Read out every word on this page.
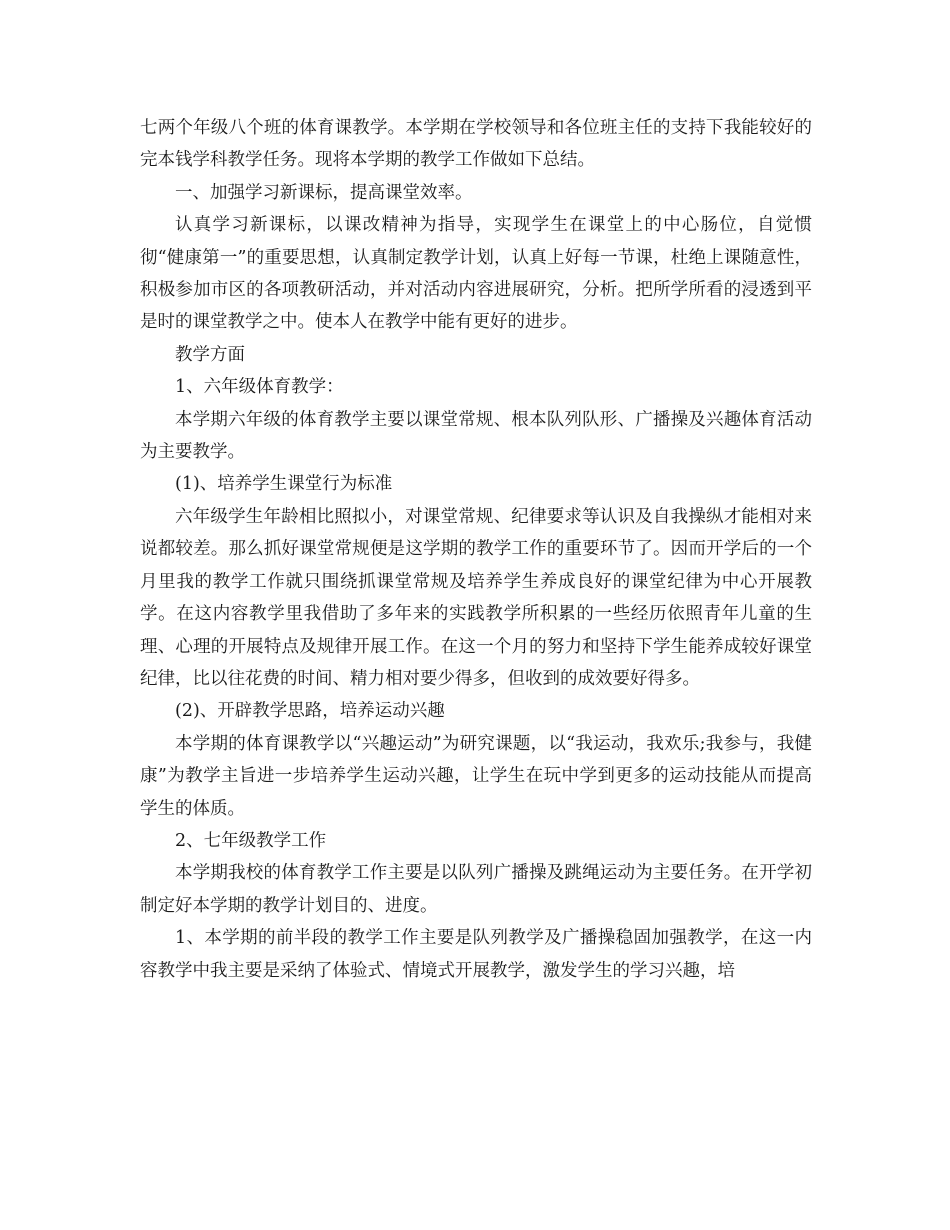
七两个年级八个班的体育课教学。本学期在学校领导和各位班主任的支持下我能较好的完本钱学科教学任务。现将本学期的教学工作做如下总结。

一、加强学习新课标，提高课堂效率。

认真学习新课标，以课改精神为指导，实现学生在课堂上的中心肠位，自觉惯彻“健康第一”的重要思想，认真制定教学计划，认真上好每一节课，杜绝上课随意性，积极参加市区的各项教研活动，并对活动内容进展研究，分析。把所学所看的浸透到平是时的课堂教学之中。使本人在教学中能有更好的进步。

教学方面

1、六年级体育教学：

本学期六年级的体育教学主要以课堂常规、根本队列队形、广播操及兴趣体育活动为主要教学。

(1)、培养学生课堂行为标准

六年级学生年龄相比照拟小，对课堂常规、纪律要求等认识及自我操纵才能相对来说都较差。那么抓好课堂常规便是这学期的教学工作的重要环节了。因而开学后的一个月里我的教学工作就只围绕抓课堂常规及培养学生养成良好的课堂纪律为中心开展教学。在这内容教学里我借助了多年来的实践教学所积累的一些经历依照青年儿童的生理、心理的开展特点及规律开展工作。在这一个月的努力和坚持下学生能养成较好课堂纪律，比以往花费的时间、精力相对要少得多，但收到的成效要好得多。

(2)、开辟教学思路，培养运动兴趣

本学期的体育课教学以“兴趣运动”为研究课题，以“我运动，我欢乐;我参与，我健康”为教学主旨进一步培养学生运动兴趣，让学生在玩中学到更多的运动技能从而提高学生的体质。

2、七年级教学工作

本学期我校的体育教学工作主要是以队列广播操及跳绳运动为主要任务。在开学初制定好本学期的教学计划目的、进度。

1、本学期的前半段的教学工作主要是队列教学及广播操稳固加强教学，在这一内容教学中我主要是采纳了体验式、情境式开展教学，激发学生的学习兴趣，培
